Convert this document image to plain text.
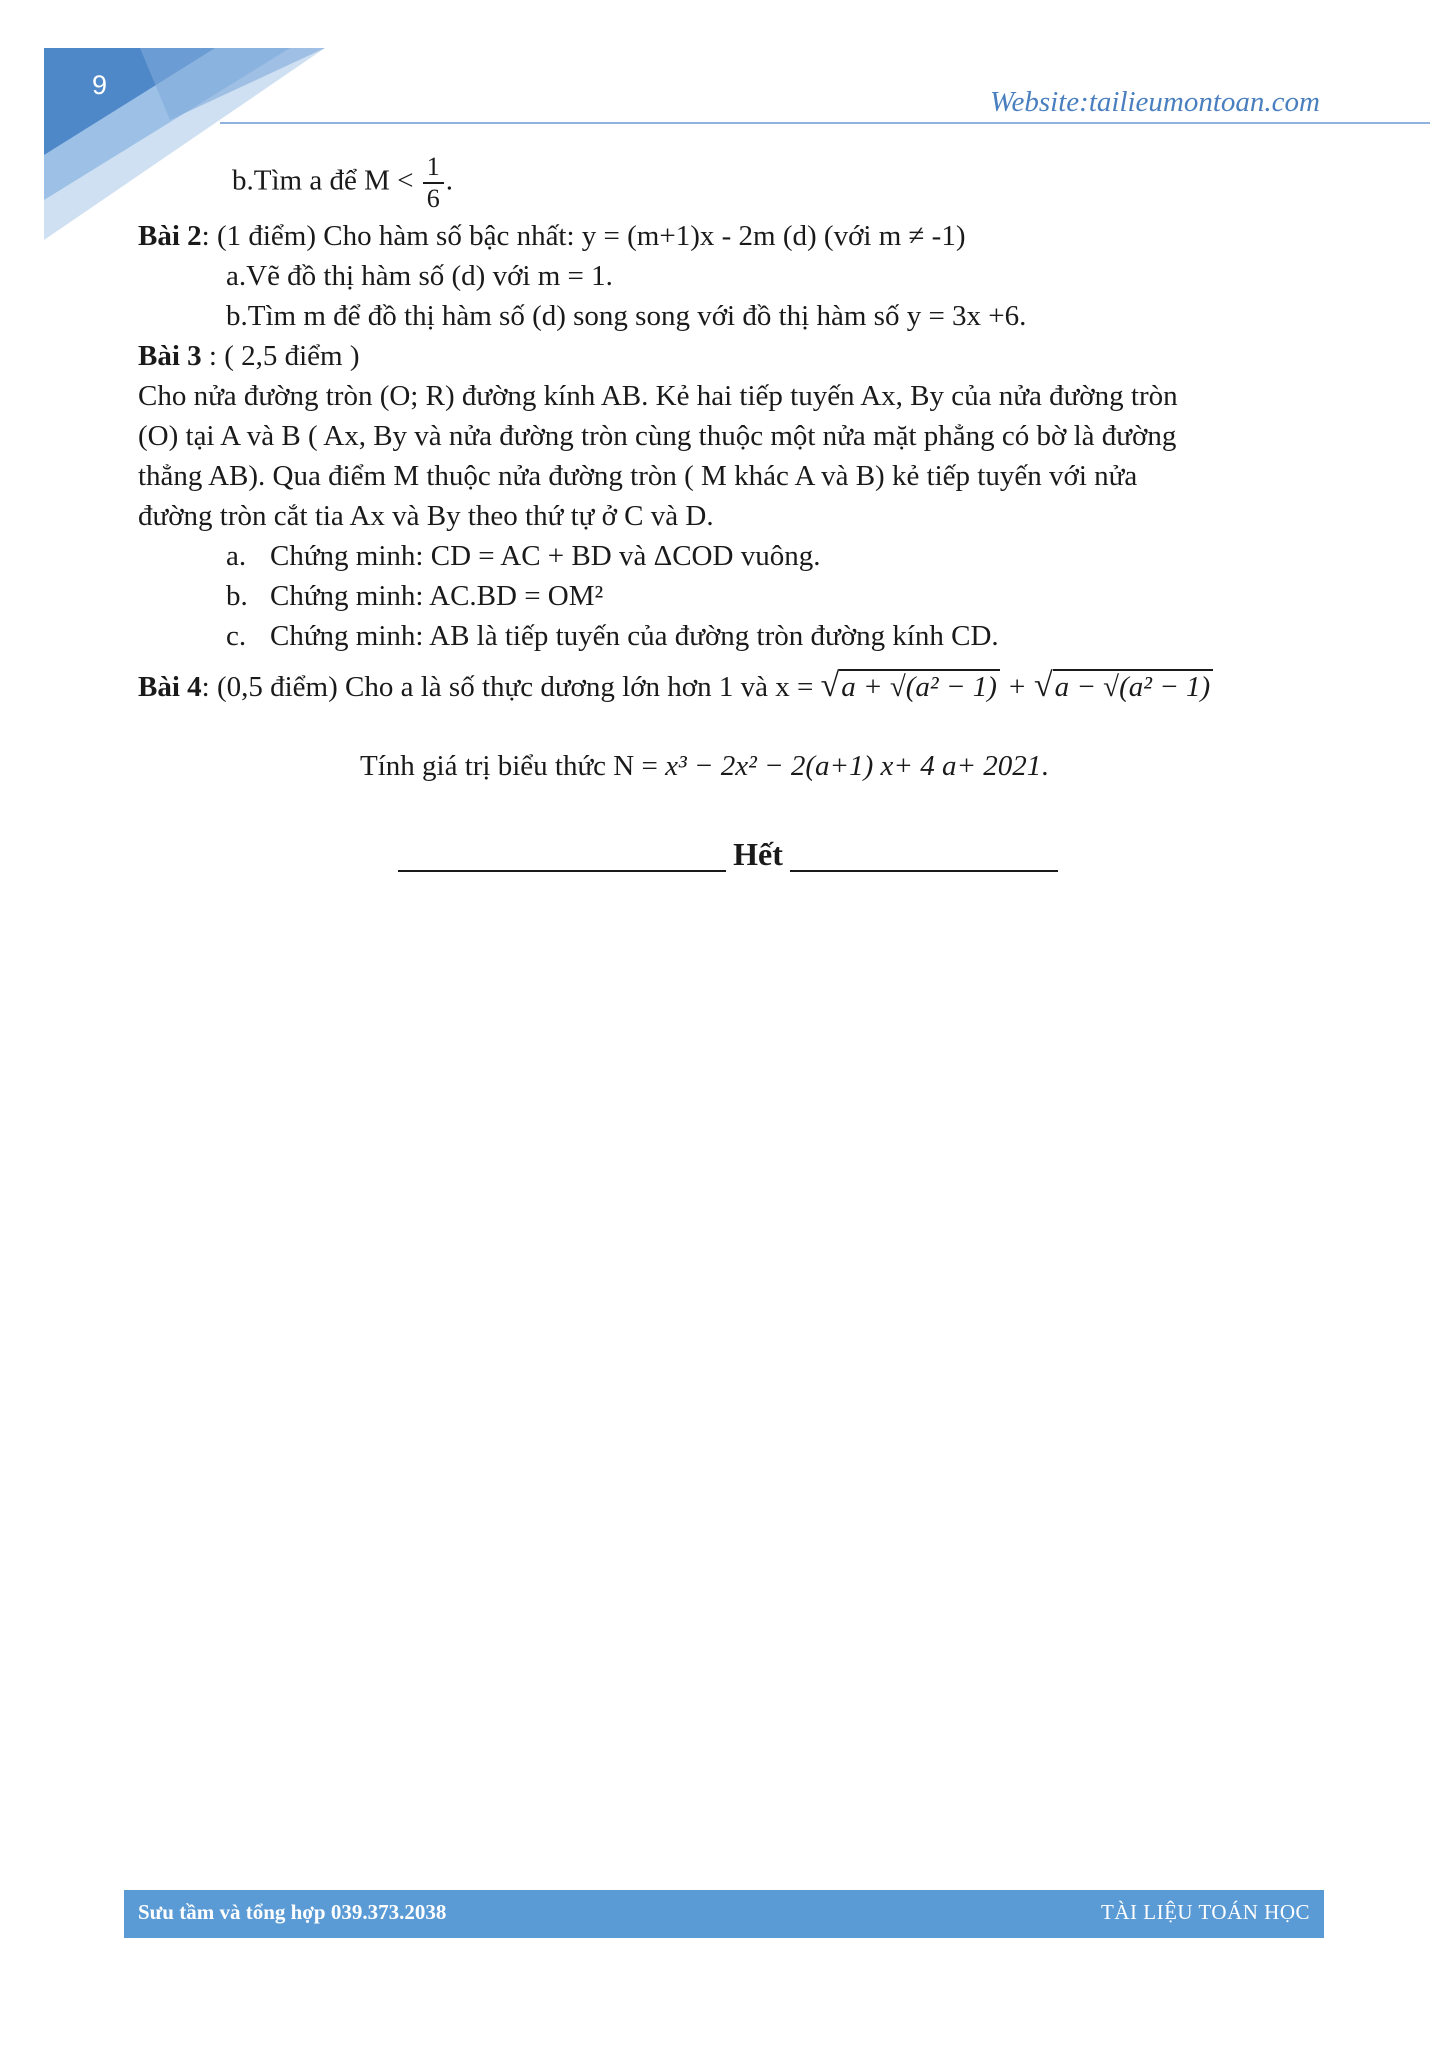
9
Website:tailieumontoan.com
b.Tìm a để $M < \frac{1}{6}$ .
Bài 2: (1 điểm) Cho hàm số bậc nhất: y = (m+1)x - 2m (d) (với m ≠ -1)
a.Vẽ đồ thị hàm số (d) với m = 1.
b.Tìm m để đồ thị hàm số (d) song song với đồ thị hàm số y = 3x +6.
Bài 3 : ( 2,5 điểm )
Cho nửa đường tròn (O; R) đường kính AB. Kẻ hai tiếp tuyến Ax, By của nửa đường tròn
(O) tại A và B ( Ax, By và nửa đường tròn cùng thuộc một nửa mặt phẳng có bờ là đường
thẳng AB). Qua điểm M thuộc nửa đường tròn ( M khác A và B) kẻ tiếp tuyến với nửa
đường tròn cắt tia Ax và By theo thứ tự ở C và D.
a. Chứng minh: CD = AC + BD và ΔCOD vuông.
b. Chứng minh: AC.BD = OM²
c. Chứng minh: AB là tiếp tuyến của đường tròn đường kính CD.
Bài 4: (0,5 điểm) Cho a là số thực dương lớn hơn 1 và x = √a + √(a² − 1) + √a − √(a² − 1)
Tính giá trị biểu thức N = x³ − 2x² − 2(a+1) x+ 4 a+ 2021.
Hết
Sưu tầm và tổng hợp 039.373.2038	TÀI LIỆU TOÁN HỌC
